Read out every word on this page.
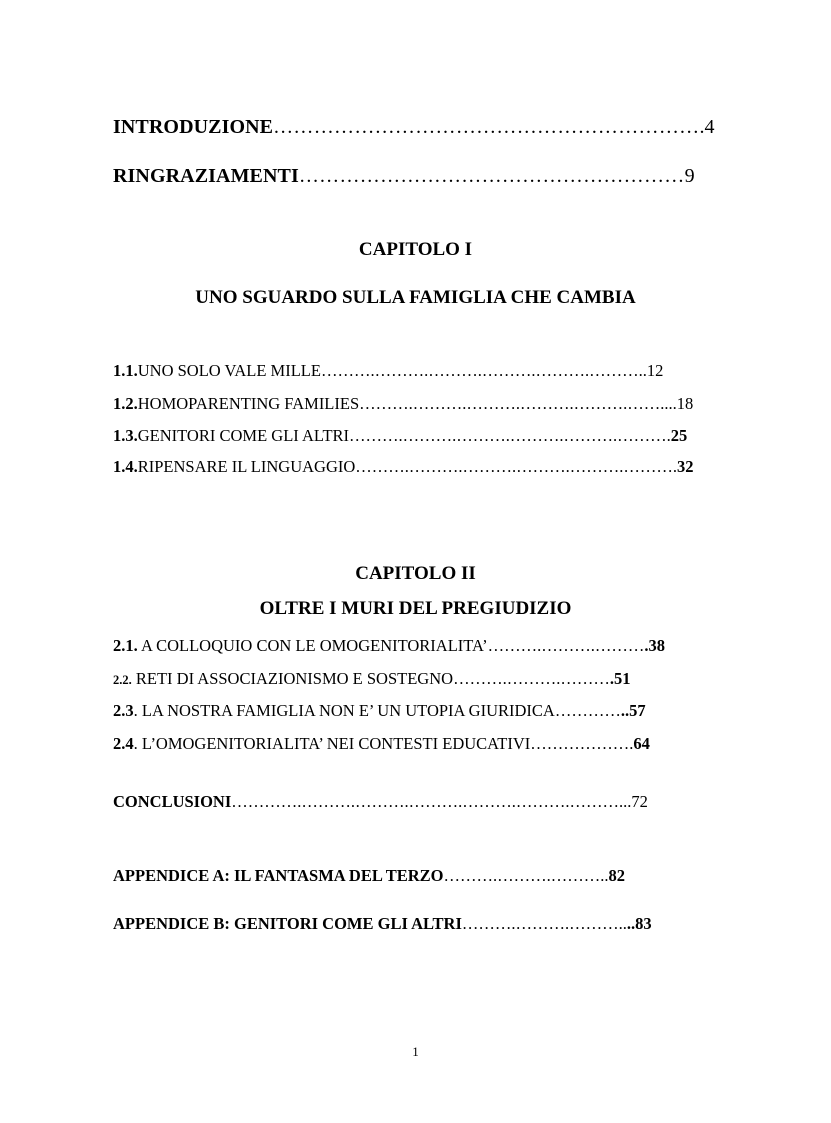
INTRODUZIONE……………………………………………………….4
RINGRAZIAMENTI…………………………………………………9
CAPITOLO I
UNO SGUARDO SULLA FAMIGLIA CHE CAMBIA
1.1.UNO SOLO VALE MILLE……….……….……….……….……….………..12
1.2.HOMOPARENTING FAMILIES……….……….……….……….……….……....18
1.3.GENITORI COME GLI ALTRI……….……….……….……….……….……….25
1.4.RIPENSARE IL LINGUAGGIO……….……….……….……….……….……….32
CAPITOLO II
OLTRE I MURI DEL PREGIUDIZIO
2.1. A COLLOQUIO CON LE OMOGENITORIALITA’……….……….……….38
2.2. RETI DI ASSOCIAZIONISMO E SOSTEGNO……….……….……….51
2.3. LA NOSTRA FAMIGLIA NON E’ UN UTOPIA GIURIDICA…………..57
2.4. L’OMOGENITORIALITA’ NEI CONTESTI EDUCATIVI……………….64
CONCLUSIONI………….……….……….……….……….……….………...72
APPENDICE A: IL FANTASMA DEL TERZO……….……….………..82
APPENDICE B: GENITORI COME GLI ALTRI……….……….………....83
1
